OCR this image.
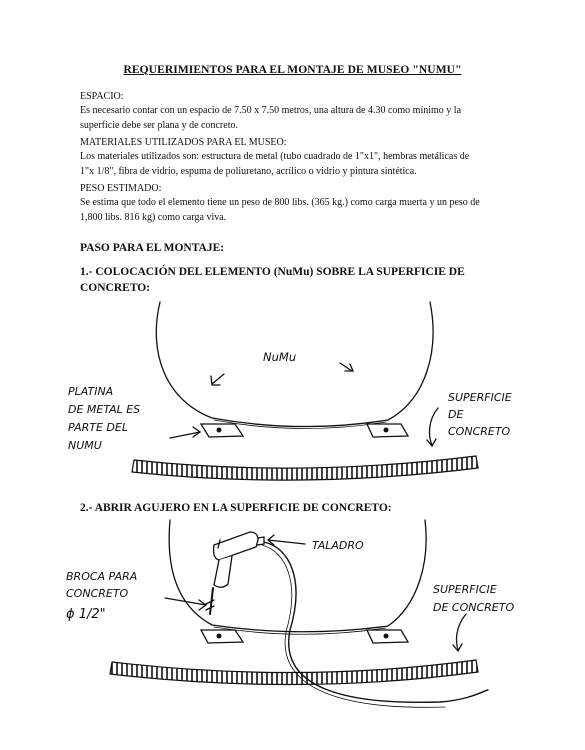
REQUERIMIENTOS PARA EL MONTAJE DE MUSEO "NUMU"

ESPACIO:

Es necesario contar con un espacio de 7.50 x 7.50 metros, una altura de 4.30 como mínimo y la

superficie debe ser plana y de concreto.

MATERIALES UTILIZADOS PARA EL MUSEO:

Los materiales utilizados son: estructura de metal (tubo cuadrado de 1"x1", hembras metálicas de

1"x 1/8", fibra de vidrio, espuma de poliuretano, acrílico o vidrio y pintura sintética.

PESO ESTIMADO:

Se estima que todo el elemento tiene un peso de 800 libs. (365 kg.) como carga muerta y un peso de

1,800 libs. 816 kg) como carga viva.

PASO PARA EL MONTAJE:
1.- COLOCACIÓN DEL ELEMENTO (NuMu) SOBRE LA SUPERFICIE DE
CONCRETO:
2.- ABRIR AGUJERO EN LA SUPERFICIE DE CONCRETO:
NuMu
PLATINA
DE METAL ES
PARTE DEL
NUMU
SUPERFICIE
DE
CONCRETO
TALADRO
BROCA PARA
CONCRETO
ϕ 1/2"
SUPERFICIE
DE CONCRETO
